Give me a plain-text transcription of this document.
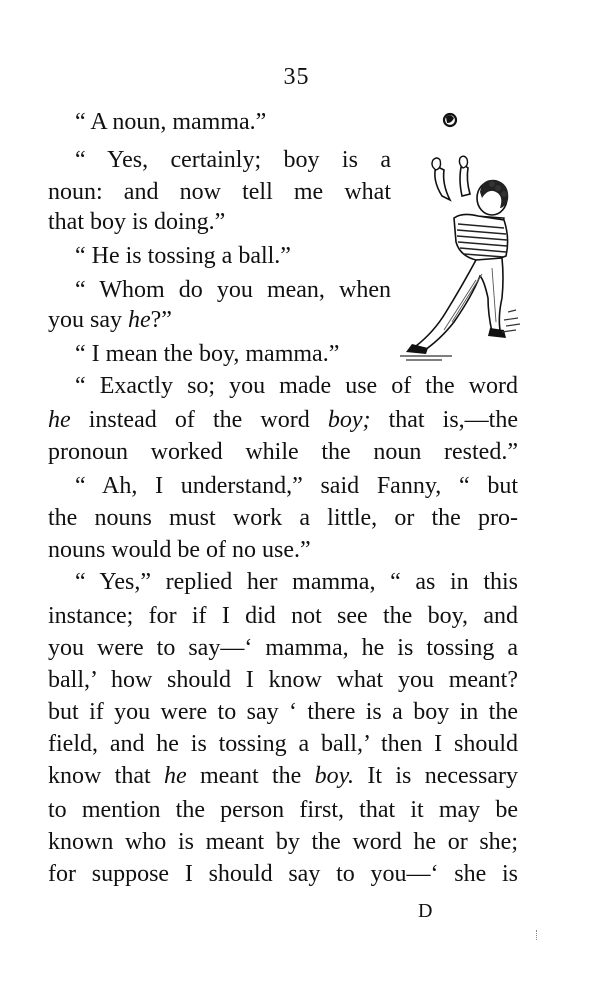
35
“ A noun, mamma.”
“ Yes, certainly; boy is a
noun: and now tell me what
that boy is doing.”
“ He is tossing a ball.”
“ Whom do you mean, when
you say he?”
“ I mean the boy, mamma.”
“ Exactly so; you made use of the word
he instead of the word boy; that is,—the
pronoun worked while the noun rested.”
“ Ah, I understand,” said Fanny, “ but
the nouns must work a little, or the pro-
nouns would be of no use.”
“ Yes,” replied her mamma, “ as in this
instance; for if I did not see the boy, and
you were to say—‘ mamma, he is tossing a
ball,’ how should I know what you meant?
but if you were to say ‘ there is a boy in the
field, and he is tossing a ball,’ then I should
know that he meant the boy. It is necessary
to mention the person first, that it may be
known who is meant by the word he or she;
for suppose I should say to you—‘ she is
D
